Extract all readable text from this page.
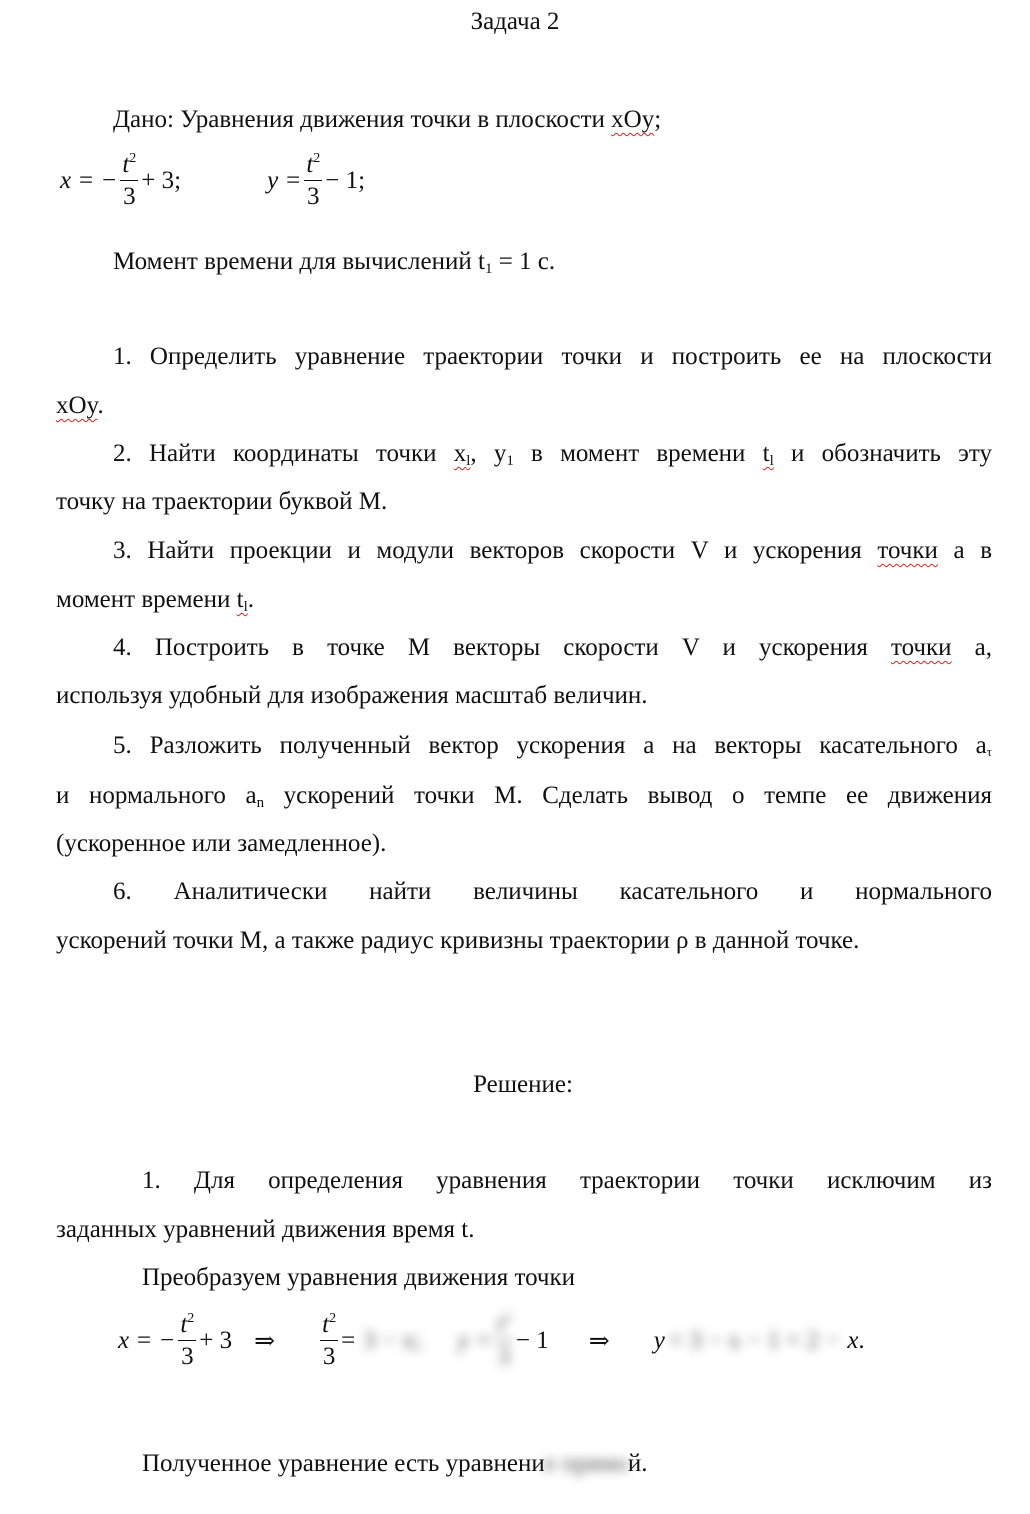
Задача 2
Дано: Уравнения движения точки в плоскости xOy;
x = − $\frac{t^2}{3} + 3$;	$y = \frac{t^2}{3} - 1$;
Момент времени для вычислений $t_1 = 1$ с.
1. Определить уравнение траектории точки и построить ее на плоскости
xOy.
2. Найти координаты точки $x_l$, $y_1$ в момент времени $t_l$ и обозначить эту
точку на траектории буквой М.
3. Найти проекции и модули векторов скорости V и ускорения точки а в
момент времени $t_l$.
4. Построить в точке М векторы скорости V и ускорения точки а,
используя удобный для изображения масштаб величин.
5. Разложить полученный вектор ускорения а на векторы касательного $а_\tau$
и нормального $а_n$ ускорений точки М. Сделать вывод о темпе ее движения
(ускоренное или замедленное).
6. Аналитически найти величины касательного и нормального
ускорений точки М, а также радиус кривизны траектории ρ в данной точке.
Решение:
1. Для определения уравнения траектории точки исключим из
заданных уравнений движения время t.
Преобразуем уравнения движения точки
x = − $\frac{t^2}{3} + 3$ ⇒ $\frac{t^2}{3} = 3 - x$; $y = \frac{t^2}{3} - 1$ ⇒ y = 3 − x − 1 = 2 − x .
Полученное уравнение есть уравнение прямой.
